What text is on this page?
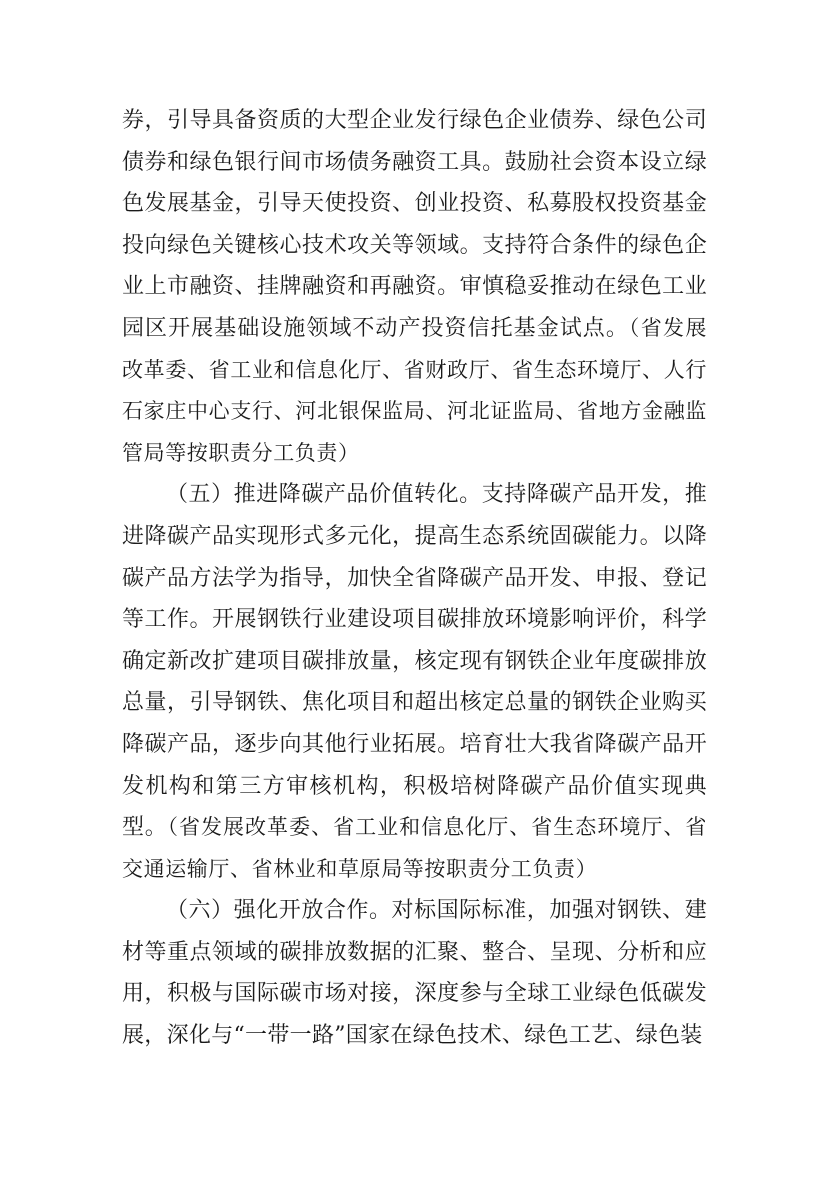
券，引导具备资质的大型企业发行绿色企业债券、绿色公司债券和绿色银行间市场债务融资工具。鼓励社会资本设立绿色发展基金，引导天使投资、创业投资、私募股权投资基金投向绿色关键核心技术攻关等领域。支持符合条件的绿色企业上市融资、挂牌融资和再融资。审慎稳妥推动在绿色工业园区开展基础设施领域不动产投资信托基金试点。（省发展改革委、省工业和信息化厅、省财政厅、省生态环境厅、人行石家庄中心支行、河北银保监局、河北证监局、省地方金融监管局等按职责分工负责）

（五）推进降碳产品价值转化。支持降碳产品开发，推进降碳产品实现形式多元化，提高生态系统固碳能力。以降碳产品方法学为指导，加快全省降碳产品开发、申报、登记等工作。开展钢铁行业建设项目碳排放环境影响评价，科学确定新改扩建项目碳排放量，核定现有钢铁企业年度碳排放总量，引导钢铁、焦化项目和超出核定总量的钢铁企业购买降碳产品，逐步向其他行业拓展。培育壮大我省降碳产品开发机构和第三方审核机构，积极培树降碳产品价值实现典型。（省发展改革委、省工业和信息化厅、省生态环境厅、省交通运输厅、省林业和草原局等按职责分工负责）

（六）强化开放合作。对标国际标准，加强对钢铁、建材等重点领域的碳排放数据的汇聚、整合、呈现、分析和应用，积极与国际碳市场对接，深度参与全球工业绿色低碳发展，深化与“一带一路”国家在绿色技术、绿色工艺、绿色装
